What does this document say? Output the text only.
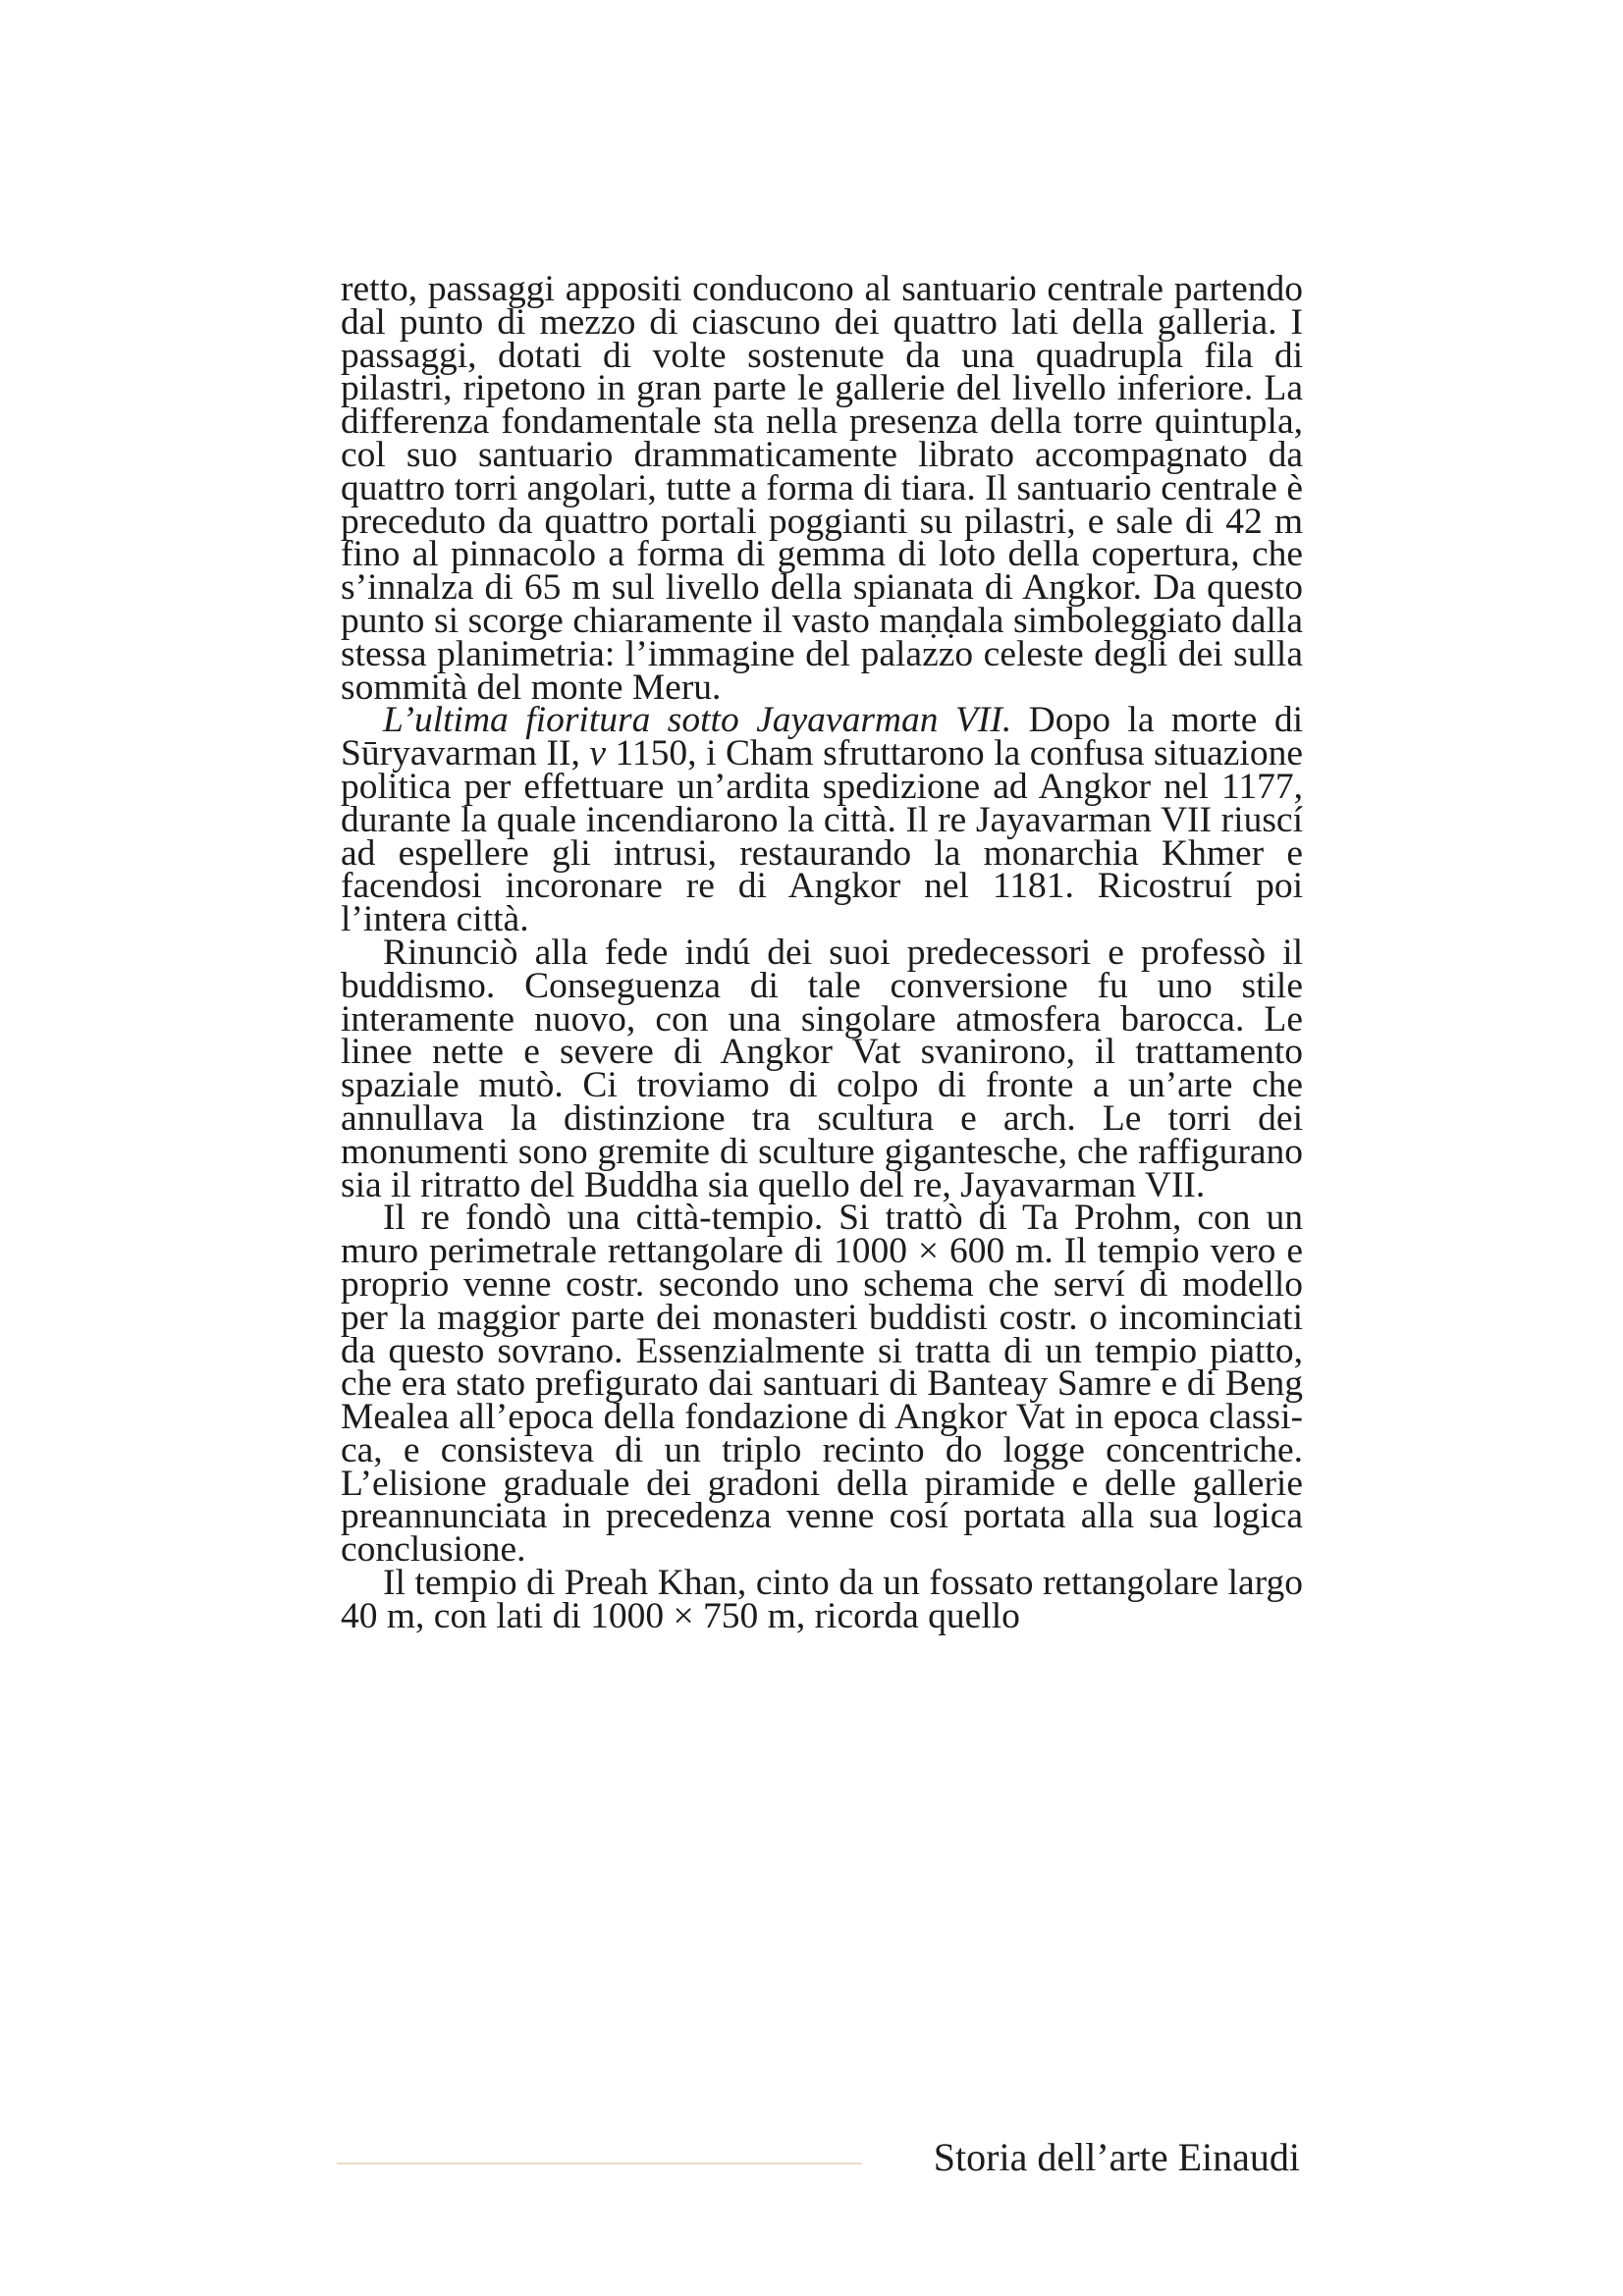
retto, passaggi appositi conducono al santuario centrale partendo dal punto di mezzo di ciascuno dei quattro lati della galleria. I passaggi, dotati di volte sostenute da una quadrupla fila di pilastri, ripetono in gran parte le gallerie del livello inferiore. La differenza fondamentale sta nella presenza della torre quintupla, col suo santuario drammaticamente librato accompagnato da quattro torri angolari, tutte a forma di tiara. Il santuario centrale è preceduto da quattro portali poggianti su pilastri, e sale di 42 m fino al pinnacolo a forma di gemma di loto della copertura, che s’innalza di 65 m sul livello della spianata di Angkor. Da questo punto si scorge chiaramente il vasto maṇḍala simboleggiato dalla stessa planimetria: l’immagine del palazzo celeste degli dei sulla sommità del monte Meru.

L’ultima fioritura sotto Jayavarman VII. Dopo la morte di Sūryavarman II, v 1150, i Cham sfruttarono la confusa situazione politica per effettuare un’ardita spedizione ad Angkor nel 1177, durante la quale incendiarono la città. Il re Jayavarman VII riuscí ad espellere gli intrusi, restaurando la monarchia Khmer e facendosi incoronare re di Angkor nel 1181. Ricostruí poi l’intera città.

Rinunciò alla fede indú dei suoi predecessori e professò il buddismo. Conseguenza di tale conversione fu uno stile interamente nuovo, con una singolare atmosfera barocca. Le linee nette e severe di Angkor Vat svanirono, il trattamento spaziale mutò. Ci troviamo di colpo di fronte a un’arte che annullava la distinzione tra scultura e arch. Le torri dei monumenti sono gremite di sculture gigantesche, che raffigurano sia il ritratto del Buddha sia quello del re, Jayavarman VII.

Il re fondò una città-tempio. Si trattò di Ta Prohm, con un muro perimetrale rettangolare di 1000 × 600 m. Il tempio vero e proprio venne costr. secondo uno schema che serví di modello per la maggior parte dei monasteri buddisti costr. o incominciati da questo sovrano. Essenzialmente si tratta di un tempio piatto, che era stato prefigurato dai santuari di Banteay Samre e di Beng Mealea all’epoca della fondazione di Angkor Vat in epoca classica, e consisteva di un triplo recinto do logge concentriche. L’elisione graduale dei gradoni della piramide e delle gallerie preannunciata in precedenza venne cosí portata alla sua logica conclusione.

Il tempio di Preah Khan, cinto da un fossato rettangolare largo 40 m, con lati di 1000 × 750 m, ricorda quello

Storia dell’arte Einaudi
